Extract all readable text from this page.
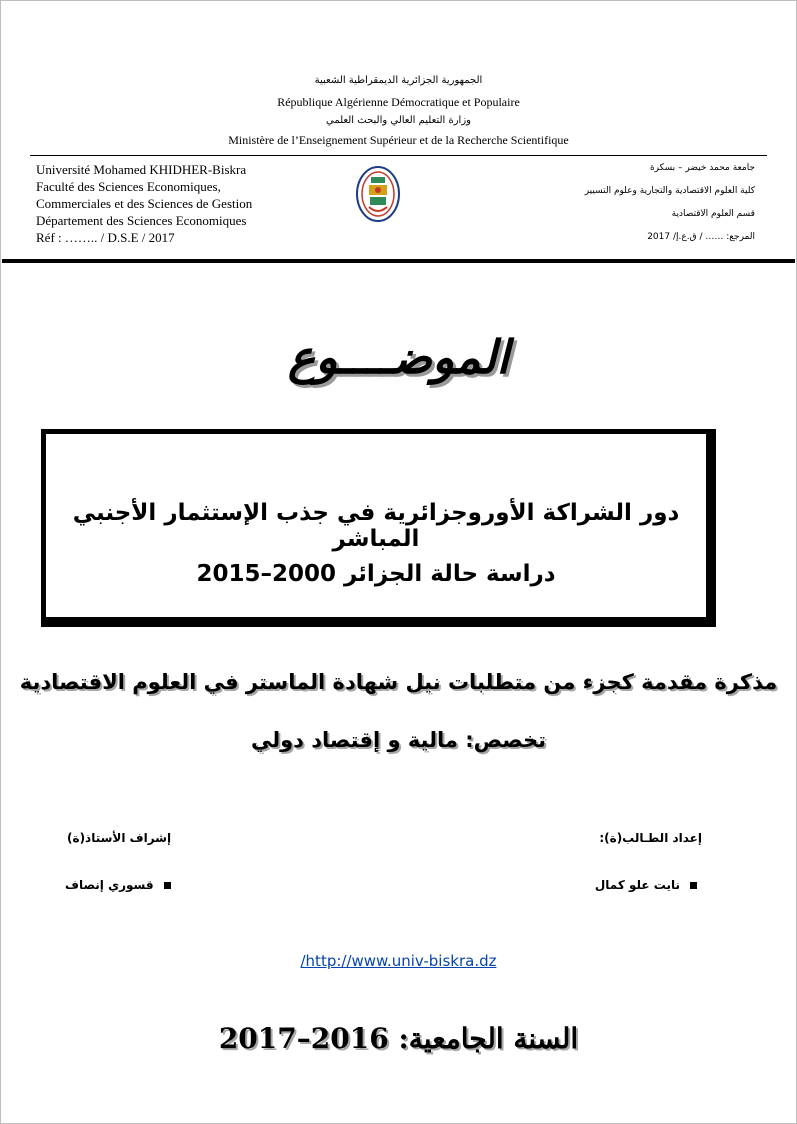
الجمهورية الجزائرية الديمقراطية الشعبية
République Algérienne Démocratique et Populaire
وزارة التعليم العالي والبحث العلمي
Ministère de l’Enseignement Supérieur et de la Recherche Scientifique
Université Mohamed KHIDHER-Biskra
Faculté des Sciences Economiques,
Commerciales et des Sciences de Gestion
Département des Sciences Economiques
Réf : …….. / D.S.E / 2017
جامعة محمد خيضر – بسكرة
كلية العلوم الاقتصادية والتجارية وعلوم التسيير
قسم العلوم الاقتصادية
المرجع: …… / ق.ع.إ/ 2017
الموضــــوع
دور الشراكة الأوروجزائرية في جذب الإستثمار الأجنبي المباشر
دراسة حالة الجزائر 2000–2015
مذكرة مقدمة كجزء من متطلبات نيل شهادة الماستر في العلوم الاقتصادية
تخصص: مالية و إقتصاد دولي
إعداد الطـالب(ة):
إشراف الأستاذ(ة)
نايت علو كمال
قسوري إنصاف
/http://www.univ-biskra.dz
السنة الجامعية: 2016–2017
